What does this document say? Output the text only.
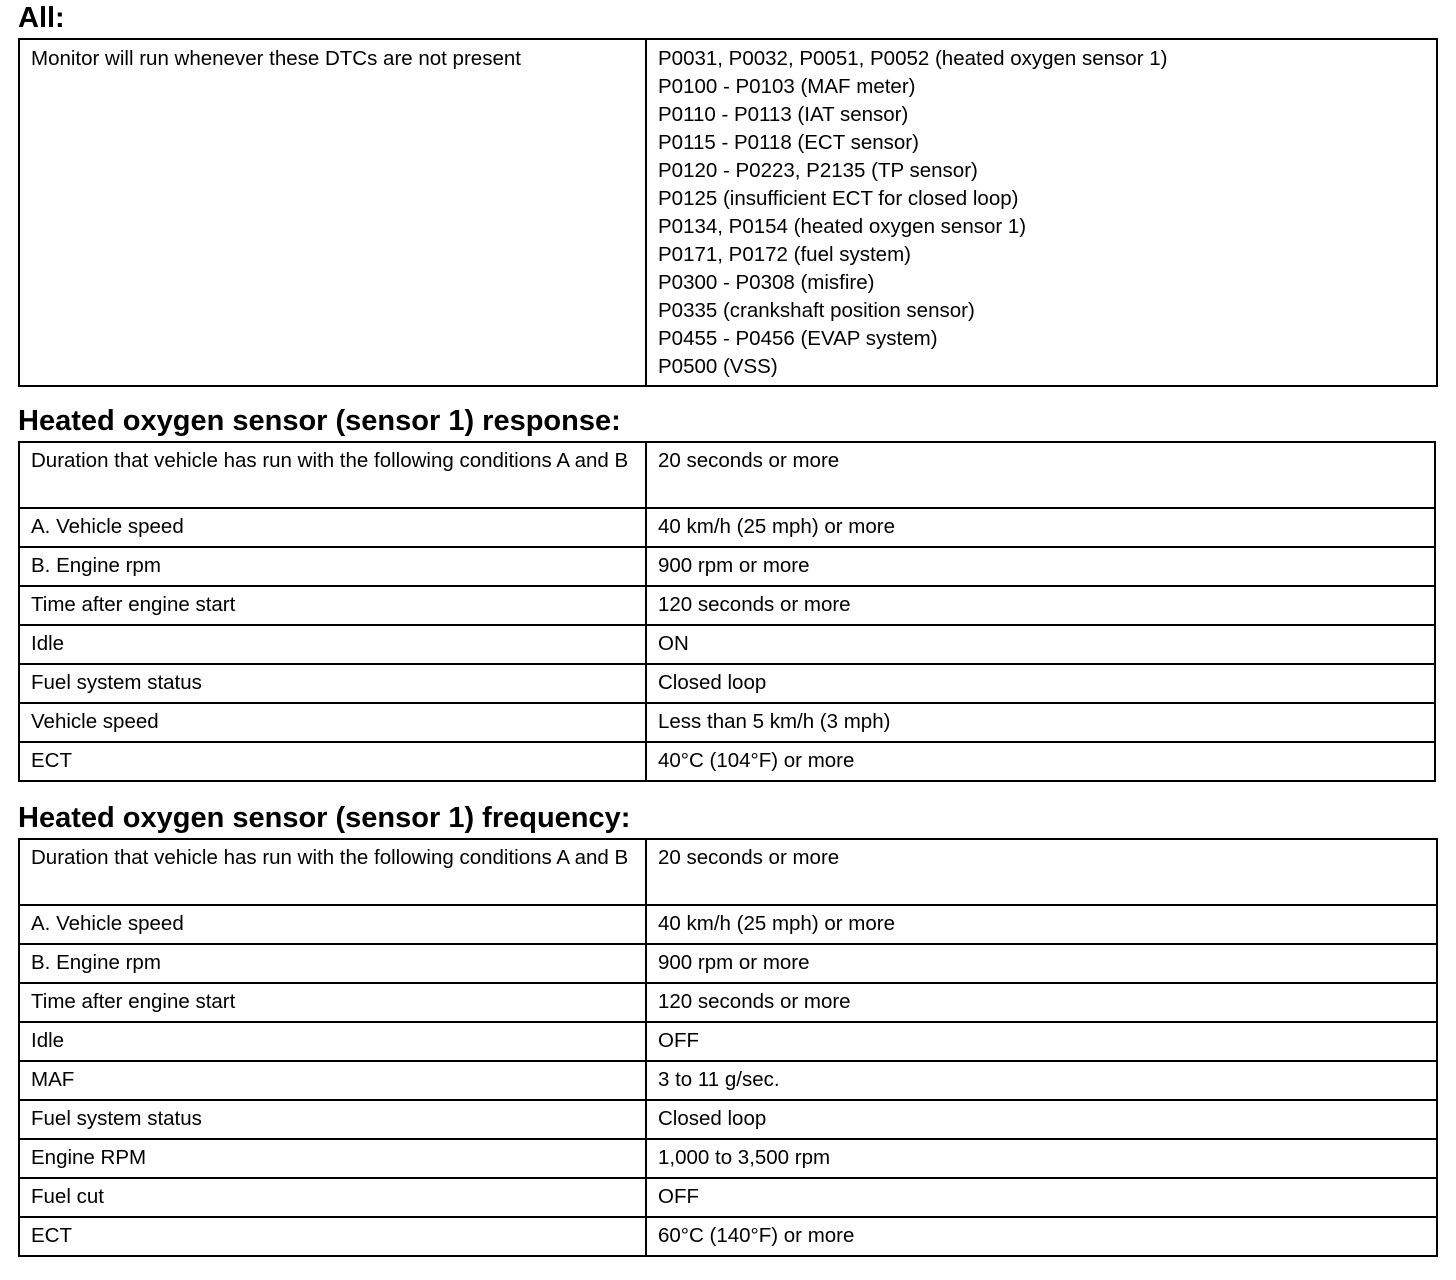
All:
Monitor will run whenever these DTCs are not present	P0031, P0032, P0051, P0052 (heated oxygen sensor 1)
P0100 - P0103 (MAF meter)
P0110 - P0113 (IAT sensor)
P0115 - P0118 (ECT sensor)
P0120 - P0223, P2135 (TP sensor)
P0125 (insufficient ECT for closed loop)
P0134, P0154 (heated oxygen sensor 1)
P0171, P0172 (fuel system)
P0300 - P0308 (misfire)
P0335 (crankshaft position sensor)
P0455 - P0456 (EVAP system)
P0500 (VSS)
Heated oxygen sensor (sensor 1) response:
Duration that vehicle has run with the following conditions A and B	20 seconds or more
A. Vehicle speed	40 km/h (25 mph) or more
B. Engine rpm	900 rpm or more
Time after engine start	120 seconds or more
Idle	ON
Fuel system status	Closed loop
Vehicle speed	Less than 5 km/h (3 mph)
ECT	40°C (104°F) or more
Heated oxygen sensor (sensor 1) frequency:
Duration that vehicle has run with the following conditions A and B	20 seconds or more
A. Vehicle speed	40 km/h (25 mph) or more
B. Engine rpm	900 rpm or more
Time after engine start	120 seconds or more
Idle	OFF
MAF	3 to 11 g/sec.
Fuel system status	Closed loop
Engine RPM	1,000 to 3,500 rpm
Fuel cut	OFF
ECT	60°C (140°F) or more
